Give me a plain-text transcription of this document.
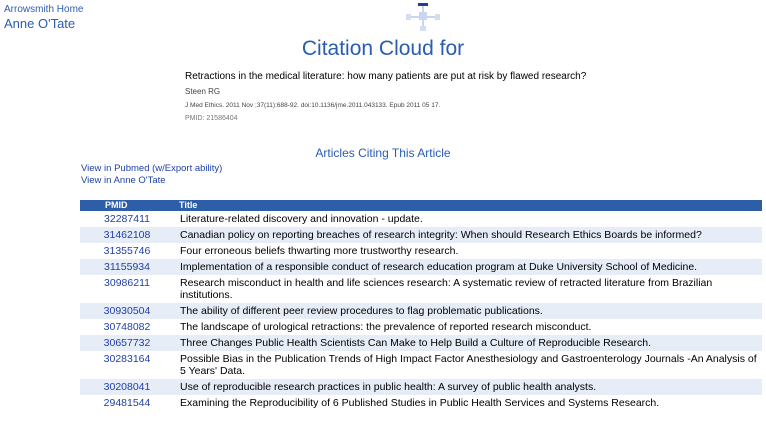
Arrowsmith Home
Anne O'Tate
Citation Cloud for
Retractions in the medical literature: how many patients are put at risk by flawed research?
Steen RG
J Med Ethics. 2011 Nov ;37(11):688-92. doi:10.1136/jme.2011.043133. Epub 2011 05 17.
PMID: 21586404
Articles Citing This Article
View in Pubmed (w/Export ability)
View in Anne O'Tate
PMID	Title
32287411	Literature-related discovery and innovation - update.
31462108	Canadian policy on reporting breaches of research integrity: When should Research Ethics Boards be informed?
31355746	Four erroneous beliefs thwarting more trustworthy research.
31155934	Implementation of a responsible conduct of research education program at Duke University School of Medicine.
30986211	Research misconduct in health and life sciences research: A systematic review of retracted literature from Brazilian institutions.
30930504	The ability of different peer review procedures to flag problematic publications.
30748082	The landscape of urological retractions: the prevalence of reported research misconduct.
30657732	Three Changes Public Health Scientists Can Make to Help Build a Culture of Reproducible Research.
30283164	Possible Bias in the Publication Trends of High Impact Factor Anesthesiology and Gastroenterology Journals -An Analysis of 5 Years' Data.
30208041	Use of reproducible research practices in public health: A survey of public health analysts.
29481544	Examining the Reproducibility of 6 Published Studies in Public Health Services and Systems Research.
